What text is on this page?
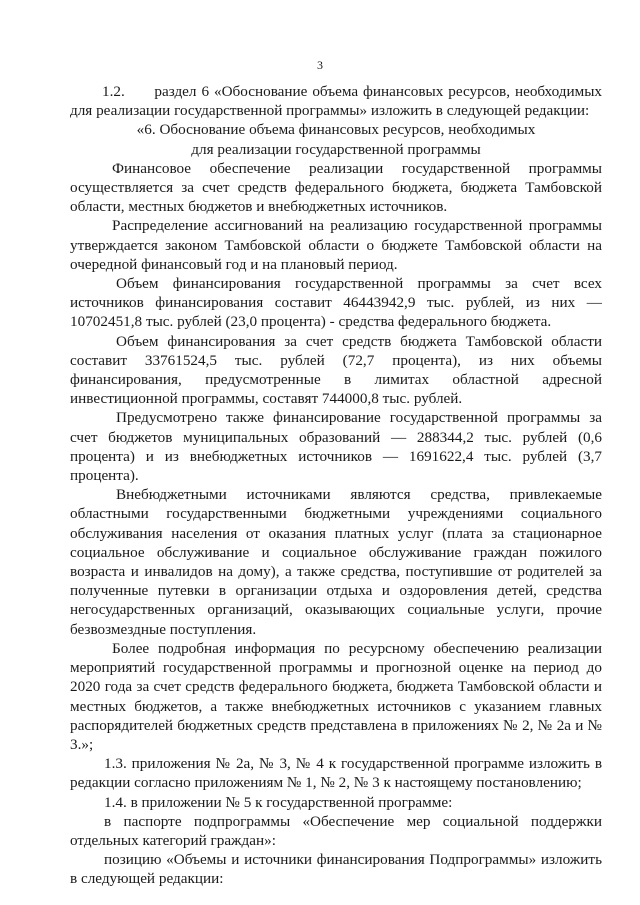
3

1.2.      раздел 6 «Обоснование объема финансовых ресурсов, необходимых для реализации государственной программы» изложить в следующей редакции:

«6. Обоснование объема финансовых ресурсов, необходимых

для реализации государственной программы

Финансовое обеспечение реализации государственной программы осуществляется за счет средств федерального бюджета, бюджета Тамбовской области, местных бюджетов и внебюджетных источников.

Распределение ассигнований на реализацию государственной программы утверждается законом Тамбовской области о бюджете Тамбовской области на очередной финансовый год и на плановый период.

Объем финансирования государственной программы за счет всех источников финансирования составит 46443942,9 тыс. рублей, из них — 10702451,8 тыс. рублей (23,0 процента) - средства федерального бюджета.

Объем финансирования за счет средств бюджета Тамбовской области составит 33761524,5 тыс. рублей (72,7 процента), из них объемы финансирования, предусмотренные в лимитах областной адресной инвестиционной программы, составят 744000,8 тыс. рублей.

Предусмотрено также финансирование государственной программы за счет бюджетов муниципальных образований — 288344,2 тыс. рублей (0,6 процента) и из внебюджетных источников — 1691622,4 тыс. рублей (3,7 процента).

Внебюджетными источниками являются средства, привлекаемые областными государственными бюджетными учреждениями социального обслуживания населения от оказания платных услуг (плата за стационарное социальное обслуживание и социальное обслуживание граждан пожилого возраста и инвалидов на дому), а также средства, поступившие от родителей за полученные путевки в организации отдыха и оздоровления детей, средства негосударственных организаций, оказывающих социальные услуги, прочие безвозмездные поступления.

Более подробная информация по ресурсному обеспечению реализации мероприятий государственной программы и прогнозной оценке на период до 2020 года за счет средств федерального бюджета, бюджета Тамбовской области и местных бюджетов, а также внебюджетных источников с указанием главных распорядителей бюджетных средств представлена в приложениях № 2, № 2а и № 3.»;

1.3. приложения № 2а, № 3, № 4 к государственной программе изложить в редакции согласно приложениям № 1, № 2, № 3 к настоящему постановлению;

1.4. в приложении № 5 к государственной программе:

в паспорте подпрограммы «Обеспечение мер социальной поддержки отдельных категорий граждан»:

позицию «Объемы и источники финансирования Подпрограммы» изложить в следующей редакции:
